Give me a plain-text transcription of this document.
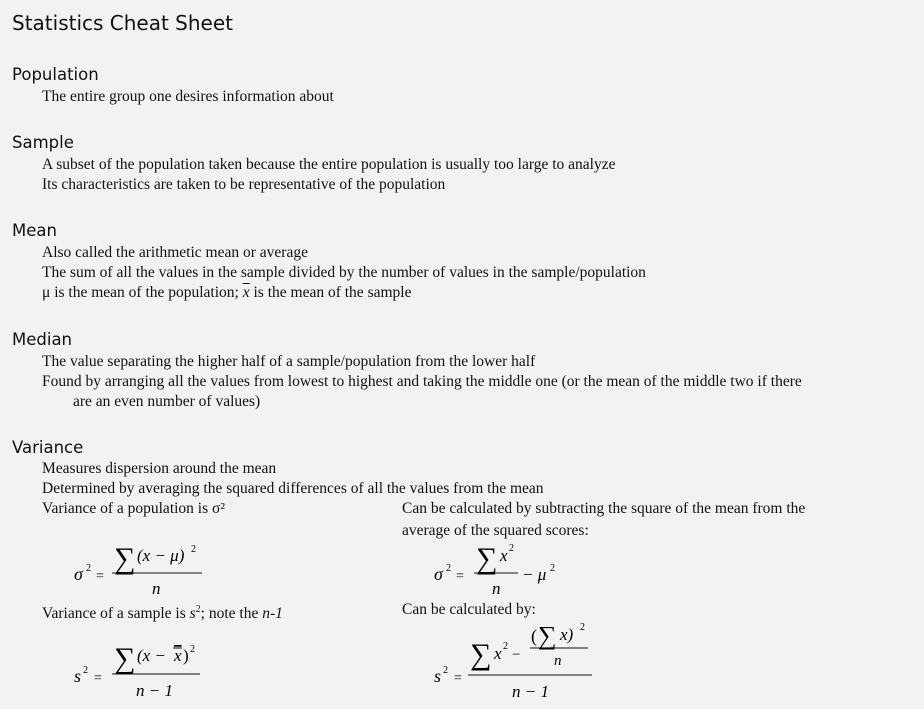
Statistics Cheat Sheet
Population
The entire group one desires information about
Sample
A subset of the population taken because the entire population is usually too large to analyze
Its characteristics are taken to be representative of the population
Mean
Also called the arithmetic mean or average
The sum of all the values in the sample divided by the number of values in the sample/population
μ is the mean of the population; $\overline{x}$ is the mean of the sample
Median
The value separating the higher half of a sample/population from the lower half
Found by arranging all the values from lowest to highest and taking the middle one (or the mean of the middle two if there
are an even number of values)
Variance
Measures dispersion around the mean
Determined by averaging the squared differences of all the values from the mean
Variance of a population is σ²	Can be calculated by subtracting the square of the mean from the
average of the squared scores:
σ 2
=
∑ (x − μ) 2
n
σ 2
=
∑ x 2
n
− μ 2
Variance of a sample is $s^2$; note the n-1	Can be calculated by:
s 2
=
∑ (x − x ) 2
n − 1
s 2
=
∑ x 2
−
( ∑ x) 2
n
n − 1
